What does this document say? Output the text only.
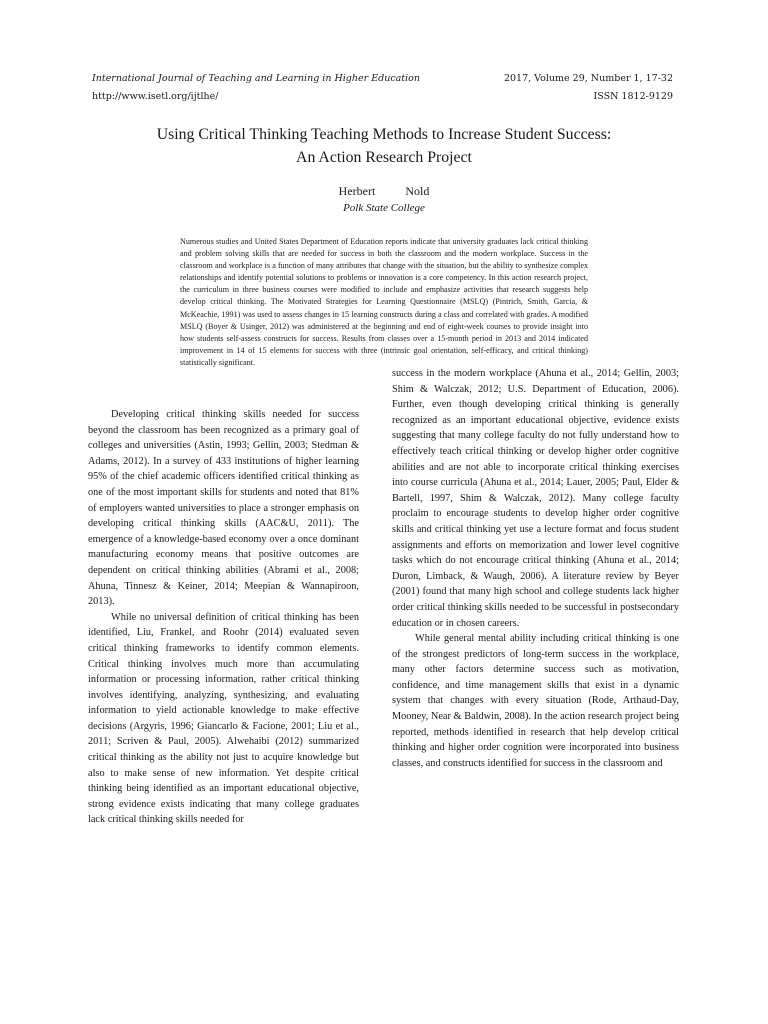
International Journal of Teaching and Learning in Higher Education
http://www.isetl.org/ijtlhe/
2017, Volume 29, Number 1, 17-32
ISSN 1812-9129
Using Critical Thinking Teaching Methods to Increase Student Success:
An Action Research Project
Herbert	Nold
Polk State College
Numerous studies and United States Department of Education reports indicate that university graduates lack critical thinking and problem solving skills that are needed for success in both the classroom and the modern workplace. Success in the classroom and workplace is a function of many attributes that change with the situation, but the ability to synthesize complex relationships and identify potential solutions to problems or innovation is a core competency. In this action research project, the curriculum in three business courses were modified to include and emphasize activities that research suggests help develop critical thinking. The Motivated Strategies for Learning Questionnaire (MSLQ) (Pintrich, Smith, Garcia, & McKeachie, 1991) was used to assess changes in 15 learning constructs during a class and correlated with grades. A modified MSLQ (Boyer & Usinger, 2012) was administered at the beginning and end of eight-week courses to provide insight into how students self-assess constructs for success. Results from classes over a 15-month period in 2013 and 2014 indicated improvement in 14 of 15 elements for success with three (intrinsic goal orientation, self-efficacy, and critical thinking) statistically significant.

Developing critical thinking skills needed for success beyond the classroom has been recognized as a primary goal of colleges and universities (Astin, 1993; Gellin, 2003; Stedman & Adams, 2012). In a survey of 433 institutions of higher learning 95% of the chief academic officers identified critical thinking as one of the most important skills for students and noted that 81% of employers wanted universities to place a stronger emphasis on developing critical thinking skills (AAC&U, 2011). The emergence of a knowledge-based economy over a once dominant manufacturing economy means that positive outcomes are dependent on critical thinking abilities (Abrami et al., 2008; Ahuna, Tinnesz & Keiner, 2014; Meepian & Wannapiroon, 2013).

While no universal definition of critical thinking has been identified, Liu, Frankel, and Roohr (2014) evaluated seven critical thinking frameworks to identify common elements. Critical thinking involves much more than accumulating information or processing information, rather critical thinking involves identifying, analyzing, synthesizing, and evaluating information to yield actionable knowledge to make effective decisions (Argyris, 1996; Giancarlo & Facione, 2001; Liu et al., 2011; Scriven & Paul, 2005). Alwehaibi (2012) summarized critical thinking as the ability not just to acquire knowledge but also to make sense of new information. Yet despite critical thinking being identified as an important educational objective, strong evidence exists indicating that many college graduates lack critical thinking skills needed for

success in the modern workplace (Ahuna et al., 2014; Gellin, 2003; Shim & Walczak, 2012; U.S. Department of Education, 2006). Further, even though developing critical thinking is generally recognized as an important educational objective, evidence exists suggesting that many college faculty do not fully understand how to effectively teach critical thinking or develop higher order cognitive abilities and are not able to incorporate critical thinking exercises into course curricula (Ahuna et al., 2014; Lauer, 2005; Paul, Elder & Bartell, 1997, Shim & Walczak, 2012). Many college faculty proclaim to encourage students to develop higher order cognitive skills and critical thinking yet use a lecture format and focus student assignments and efforts on memorization and lower level cognitive tasks which do not encourage critical thinking (Ahuna et al., 2014; Duron, Limback, & Waugh, 2006). A literature review by Beyer (2001) found that many high school and college students lack higher order critical thinking skills needed to be successful in postsecondary education or in chosen careers.

While general mental ability including critical thinking is one of the strongest predictors of long-term success in the workplace, many other factors determine success such as motivation, confidence, and time management skills that exist in a dynamic system that changes with every situation (Rode, Arthaud-Day, Mooney, Near & Baldwin, 2008). In the action research project being reported, methods identified in research that help develop critical thinking and higher order cognition were incorporated into business classes, and constructs identified for success in the classroom and
